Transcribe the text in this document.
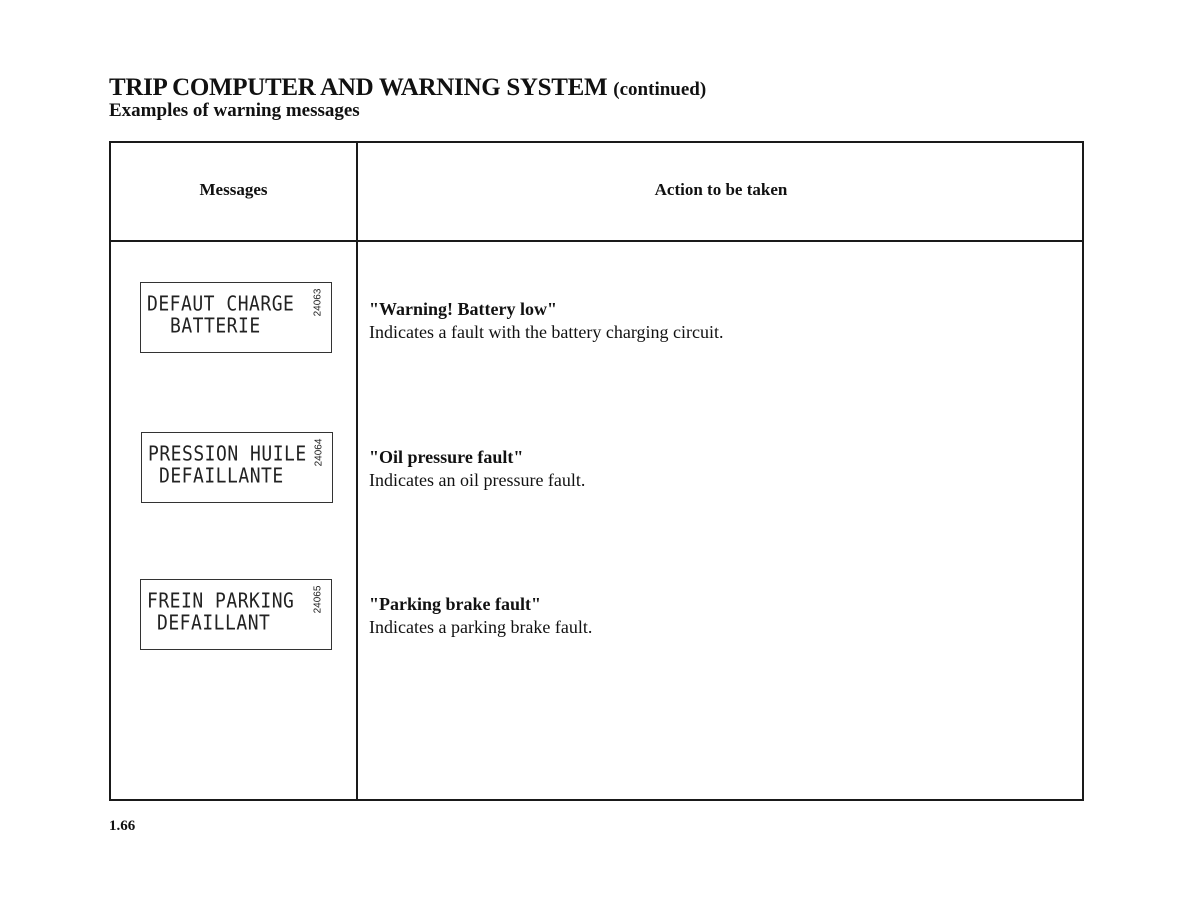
TRIP COMPUTER AND WARNING SYSTEM (continued)
Examples of warning messages
Messages	Action to be taken
DEFAUT CHARGE
BATTERIE
24063	"Warning! Battery low"
Indicates a fault with the battery charging circuit.
PRESSION HUILE
DEFAILLANTE
24064 "Oil pressure fault"
Indicates an oil pressure fault.
FREIN PARKING
DEFAILLANT
24065	"Parking brake fault"
Indicates a parking brake fault.
1.66
